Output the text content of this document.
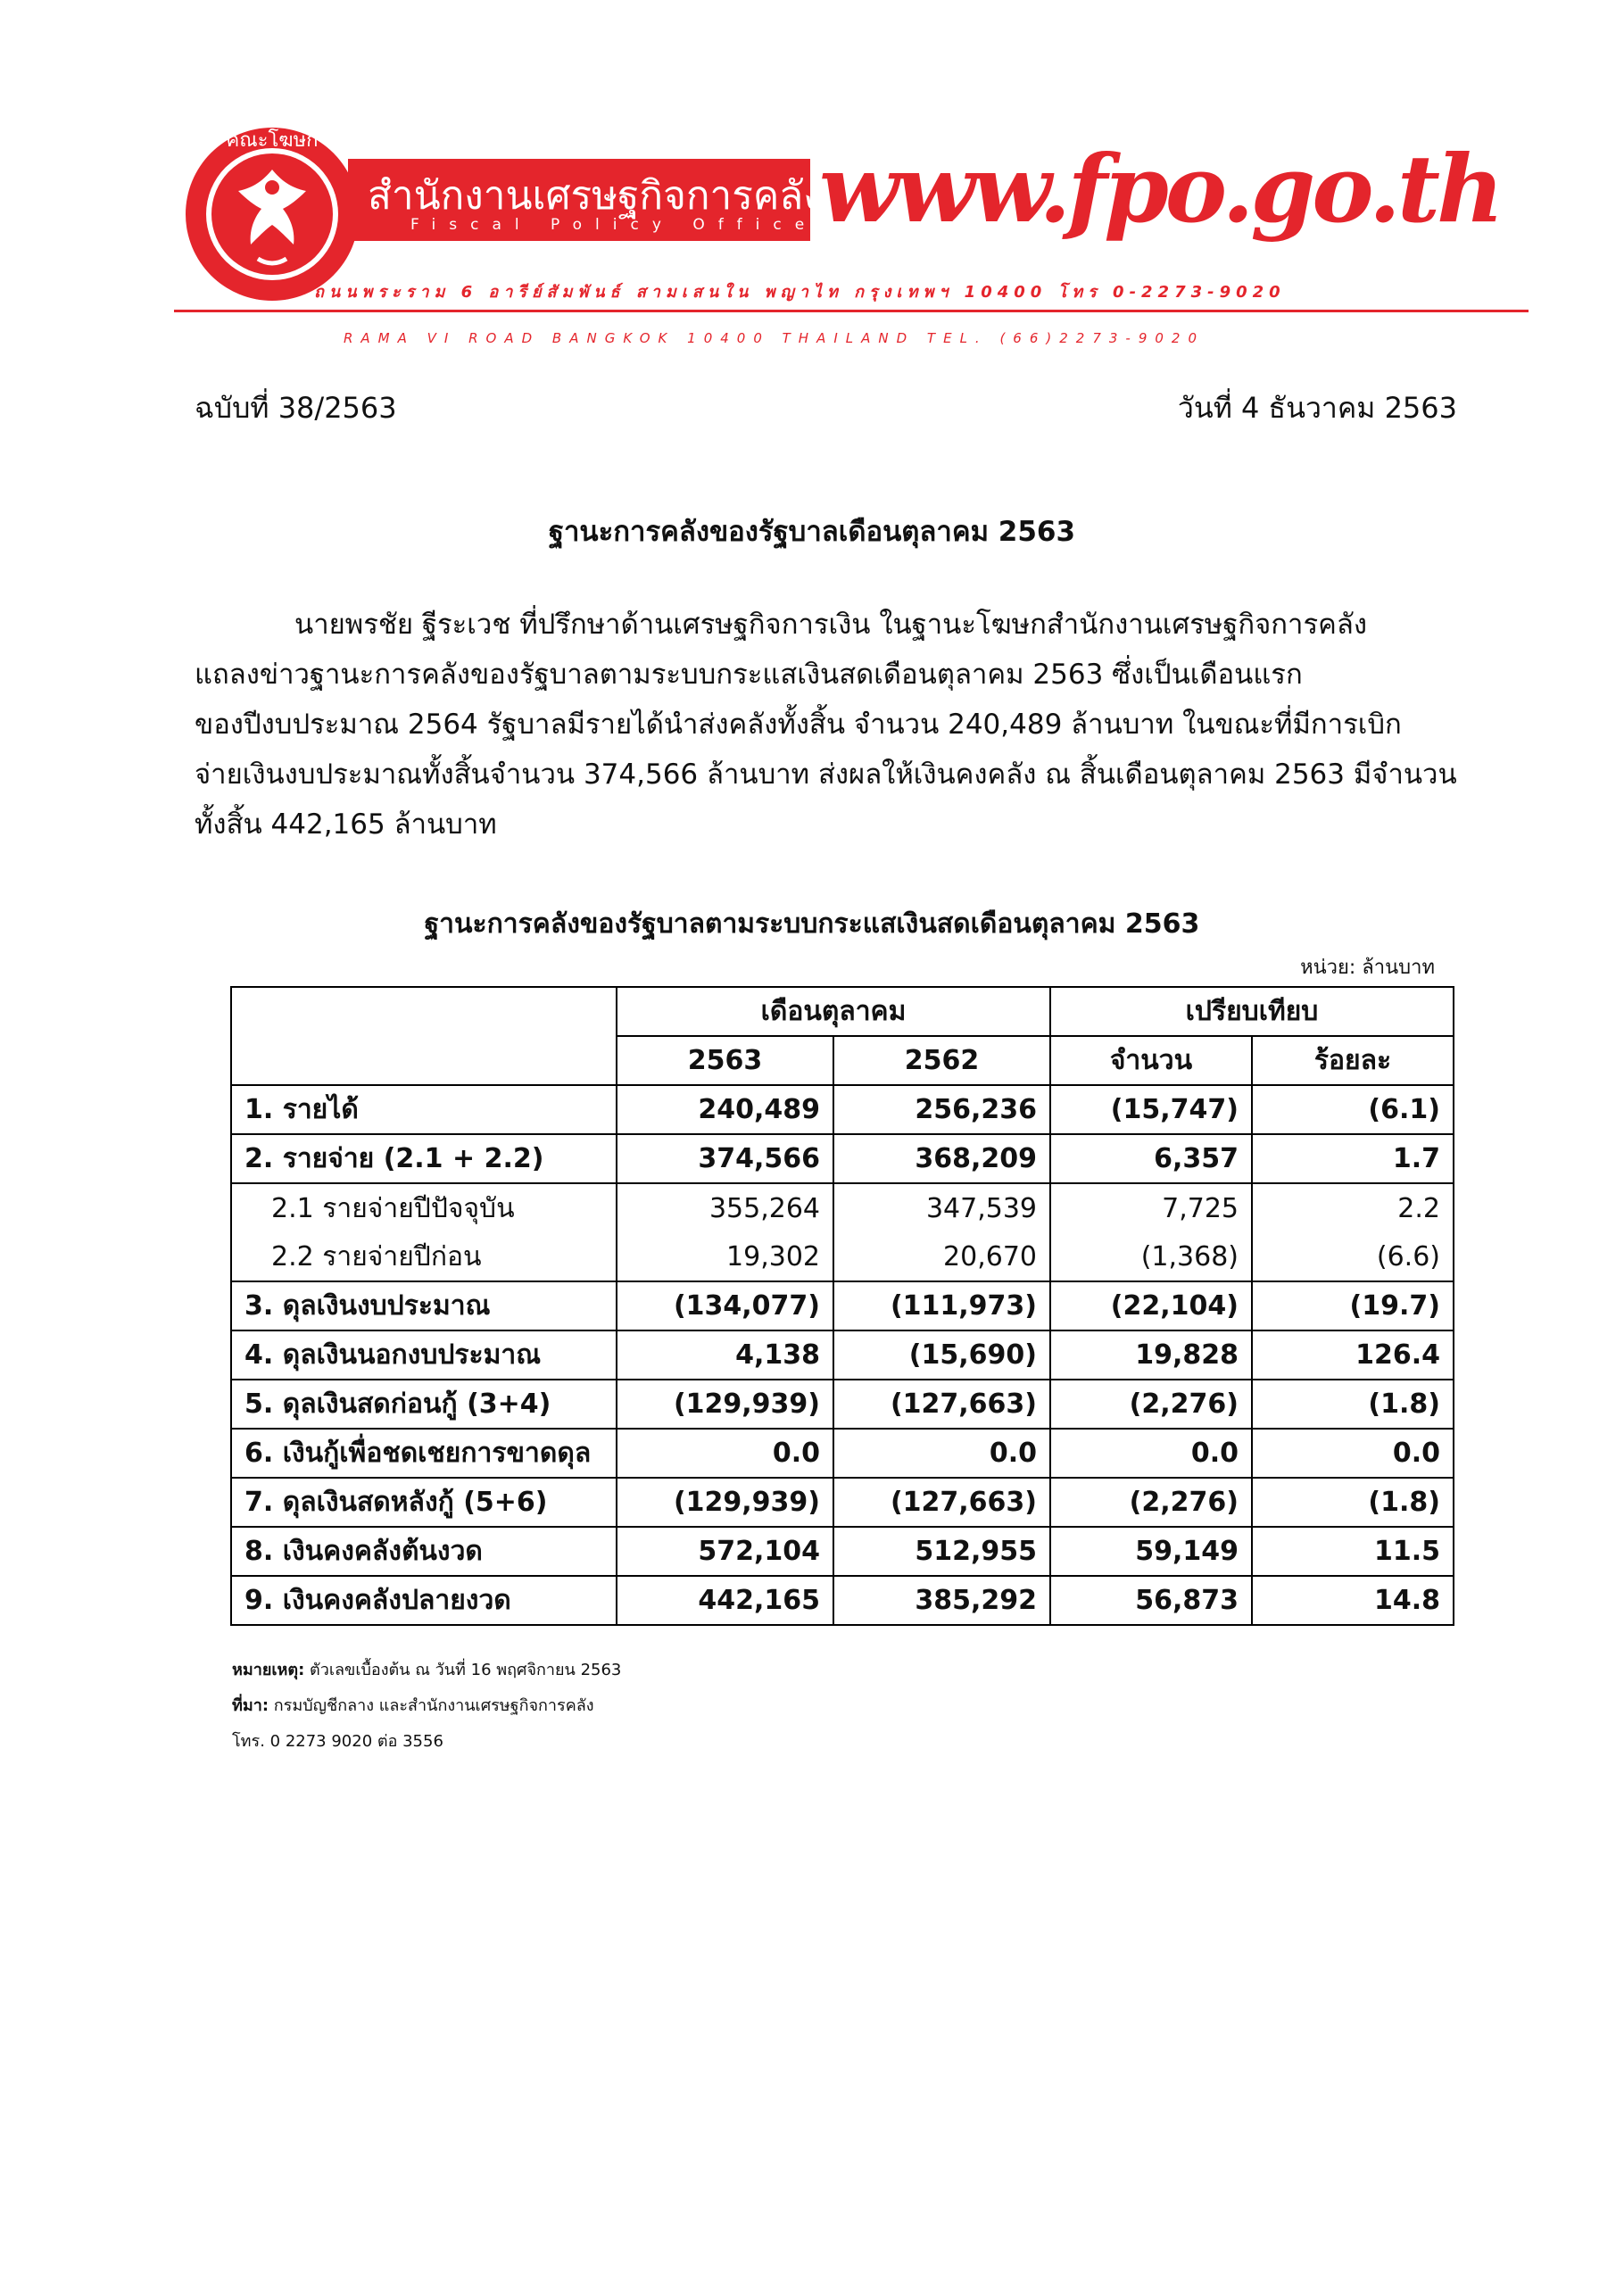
คณะโฆษก
สำนักงานเศรษฐกิจการคลัง
Fiscal Policy Office www.fpo.go.th
ถนนพระราม 6 อารีย์สัมพันธ์ สามเสนใน พญาไท กรุงเทพฯ 10400 โทร 0-2273-9020
RAMA VI ROAD BANGKOK 10400 THAILAND TEL. (66)2273-9020
ฉบับที่ 38/2563	วันที่ 4 ธันวาคม 2563
ฐานะการคลังของรัฐบาลเดือนตุลาคม 2563
นายพรชัย ฐีระเวช ที่ปรึกษาด้านเศรษฐกิจการเงิน ในฐานะโฆษกสำนักงานเศรษฐกิจการคลัง
แถลงข่าวฐานะการคลังของรัฐบาลตามระบบกระแสเงินสดเดือนตุลาคม 2563 ซึ่งเป็นเดือนแรก
ของปีงบประมาณ 2564 รัฐบาลมีรายได้นำส่งคลังทั้งสิ้น จำนวน 240,489 ล้านบาท ในขณะที่มีการเบิก
จ่ายเงินงบประมาณทั้งสิ้นจำนวน 374,566 ล้านบาท ส่งผลให้เงินคงคลัง ณ สิ้นเดือนตุลาคม 2563 มีจำนวน
ทั้งสิ้น 442,165 ล้านบาท
ฐานะการคลังของรัฐบาลตามระบบกระแสเงินสดเดือนตุลาคม 2563
หน่วย: ล้านบาท
	เดือนตุลาคม		เปรียบเทียบ	
	2563	2562	จำนวน	ร้อยละ
1. รายได้	240,489	256,236	(15,747)	(6.1)
2. รายจ่าย (2.1 + 2.2)	374,566	368,209	6,357	1.7
2.1 รายจ่ายปีปัจจุบัน	355,264	347,539	7,725	2.2
2.2 รายจ่ายปีก่อน	19,302	20,670	(1,368)	(6.6)
3. ดุลเงินงบประมาณ	(134,077)	(111,973)	(22,104)	(19.7)
4. ดุลเงินนอกงบประมาณ	4,138	(15,690)	19,828	126.4
5. ดุลเงินสดก่อนกู้ (3+4)	(129,939)	(127,663)	(2,276)	(1.8)
6. เงินกู้เพื่อชดเชยการขาดดุล	0.0	0.0	0.0	0.0
7. ดุลเงินสดหลังกู้ (5+6)	(129,939)	(127,663)	(2,276)	(1.8)
8. เงินคงคลังต้นงวด	572,104	512,955	59,149	11.5
9. เงินคงคลังปลายงวด	442,165	385,292	56,873	14.8
หมายเหตุ: ตัวเลขเบื้องต้น ณ วันที่ 16 พฤศจิกายน 2563
ที่มา: กรมบัญชีกลาง และสำนักงานเศรษฐกิจการคลัง
โทร. 0 2273 9020 ต่อ 3556
